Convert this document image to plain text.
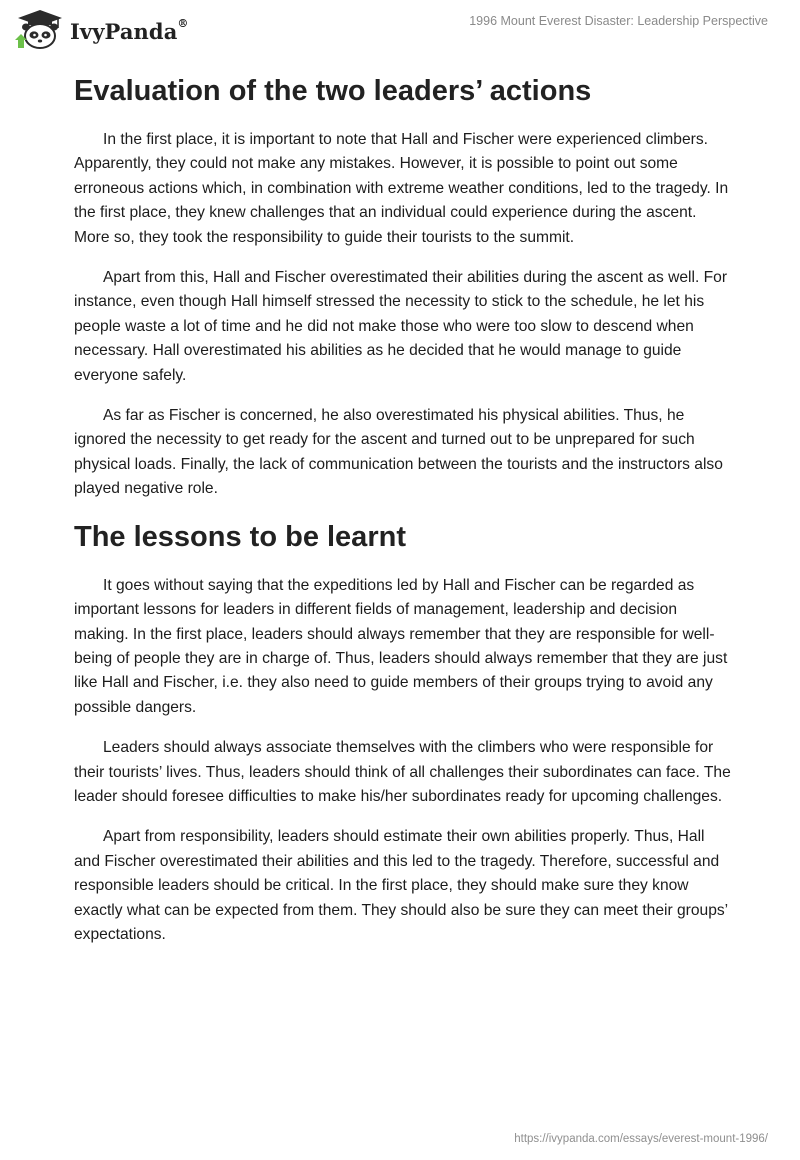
IvyPanda®	1996 Mount Everest Disaster: Leadership Perspective
Evaluation of the two leaders’ actions

In the first place, it is important to note that Hall and Fischer were experienced climbers. Apparently, they could not make any mistakes. However, it is possible to point out some erroneous actions which, in combination with extreme weather conditions, led to the tragedy. In the first place, they knew challenges that an individual could experience during the ascent. More so, they took the responsibility to guide their tourists to the summit.

Apart from this, Hall and Fischer overestimated their abilities during the ascent as well. For instance, even though Hall himself stressed the necessity to stick to the schedule, he let his people waste a lot of time and he did not make those who were too slow to descend when necessary. Hall overestimated his abilities as he decided that he would manage to guide everyone safely.

As far as Fischer is concerned, he also overestimated his physical abilities. Thus, he ignored the necessity to get ready for the ascent and turned out to be unprepared for such physical loads. Finally, the lack of communication between the tourists and the instructors also played negative role.

The lessons to be learnt

It goes without saying that the expeditions led by Hall and Fischer can be regarded as important lessons for leaders in different fields of management, leadership and decision making. In the first place, leaders should always remember that they are responsible for well-being of people they are in charge of. Thus, leaders should always remember that they are just like Hall and Fischer, i.e. they also need to guide members of their groups trying to avoid any possible dangers.

Leaders should always associate themselves with the climbers who were responsible for their tourists’ lives. Thus, leaders should think of all challenges their subordinates can face. The leader should foresee difficulties to make his/her subordinates ready for upcoming challenges.

Apart from responsibility, leaders should estimate their own abilities properly. Thus, Hall and Fischer overestimated their abilities and this led to the tragedy. Therefore, successful and responsible leaders should be critical. In the first place, they should make sure they know exactly what can be expected from them. They should also be sure they can meet their groups’ expectations.

https://ivypanda.com/essays/everest-mount-1996/
